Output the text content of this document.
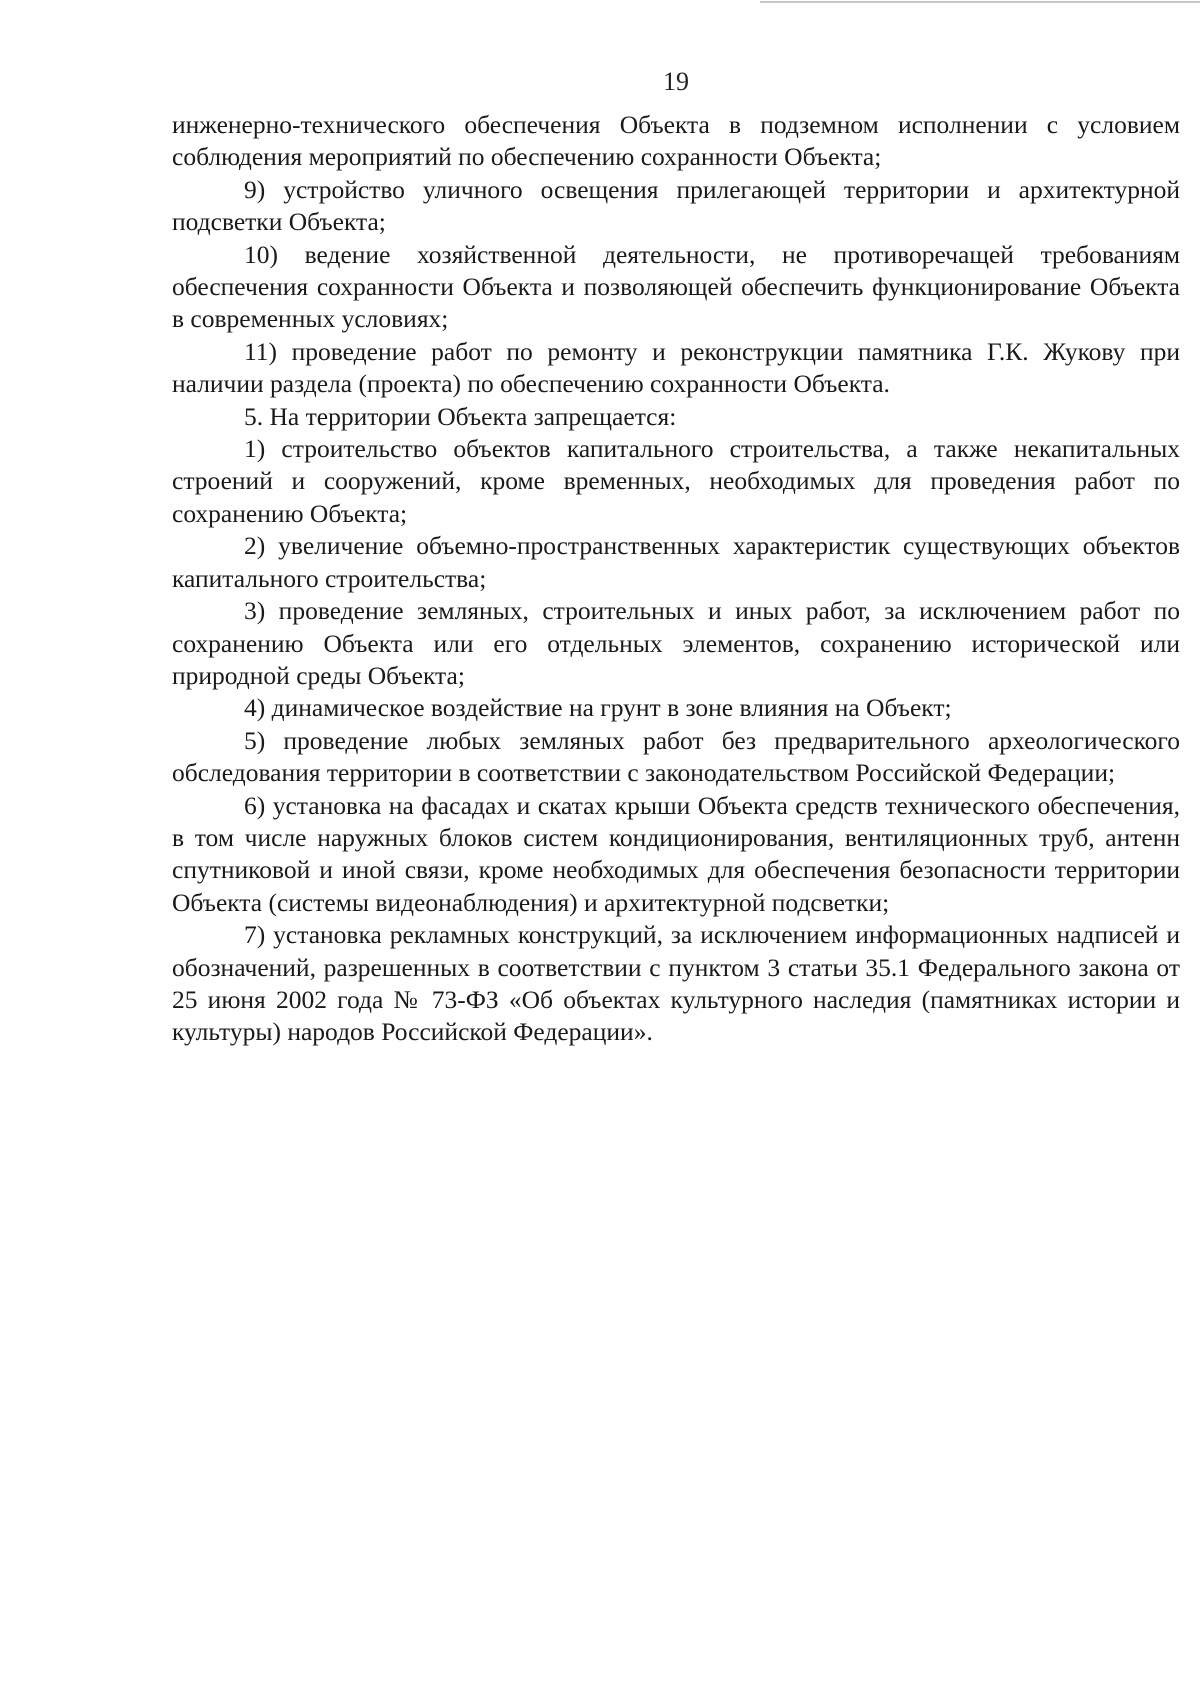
19

инженерно-технического обеспечения Объекта в подземном исполнении с условием соблюдения мероприятий по обеспечению сохранности Объекта;

9) устройство уличного освещения прилегающей территории и архитектурной подсветки Объекта;

10) ведение хозяйственной деятельности, не противоречащей требованиям обеспечения сохранности Объекта и позволяющей обеспечить функционирование Объекта в современных условиях;

11) проведение работ по ремонту и реконструкции памятника Г.К. Жукову при наличии раздела (проекта) по обеспечению сохранности Объекта.

5. На территории Объекта запрещается:

1) строительство объектов капитального строительства, а также некапитальных строений и сооружений, кроме временных, необходимых для проведения работ по сохранению Объекта;

2) увеличение объемно-пространственных характеристик существующих объектов капитального строительства;

3) проведение земляных, строительных и иных работ, за исключением работ по сохранению Объекта или его отдельных элементов, сохранению исторической или природной среды Объекта;

4) динамическое воздействие на грунт в зоне влияния на Объект;

5) проведение любых земляных работ без предварительного археологического обследования территории в соответствии с законодательством Российской Федерации;

6) установка на фасадах и скатах крыши Объекта средств технического обеспечения, в том числе наружных блоков систем кондиционирования, вентиляционных труб, антенн спутниковой и иной связи, кроме необходимых для обеспечения безопасности территории Объекта (системы видеонаблюдения) и архитектурной подсветки;

7) установка рекламных конструкций, за исключением информационных надписей и обозначений, разрешенных в соответствии с пунктом 3 статьи 35.1 Федерального закона от 25 июня 2002 года № 73-ФЗ «Об объектах культурного наследия (памятниках истории и культуры) народов Российской Федерации».
